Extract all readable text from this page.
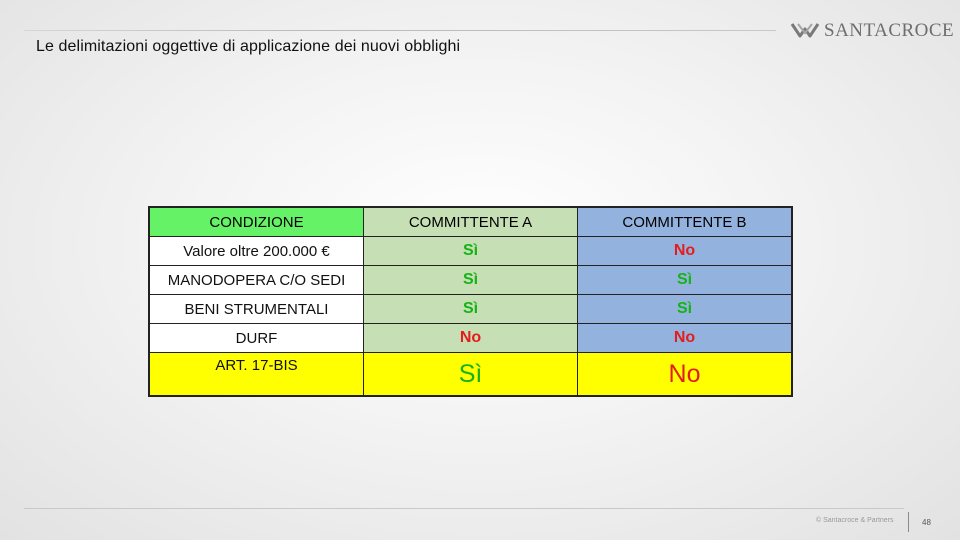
Le delimitazioni oggettive di applicazione dei nuovi obblighi
SANTACROCE
CONDIZIONE	COMMITTENTE A	COMMITTENTE B
Valore oltre 200.000 €	Sì	No
MANODOPERA C/O SEDI	Sì	Sì
BENI STRUMENTALI	Sì	Sì
DURF	No	No
ART. 17-BIS	Sì	No
© Santacroce & Partners	48
